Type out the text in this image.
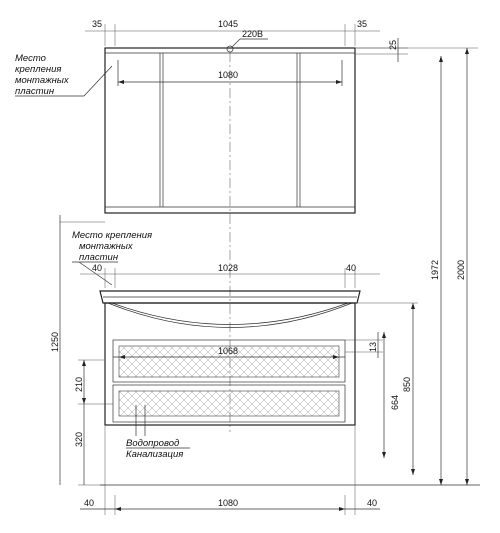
35	1045	35
1080
220В
25
Место
крепления
монтажных
пластин
Место крепления
монтажных
пластин
40	1028	40
1068	13
Водопровод
Канализация
1250
210
320
664
850
40	1080	40
1972 2000
